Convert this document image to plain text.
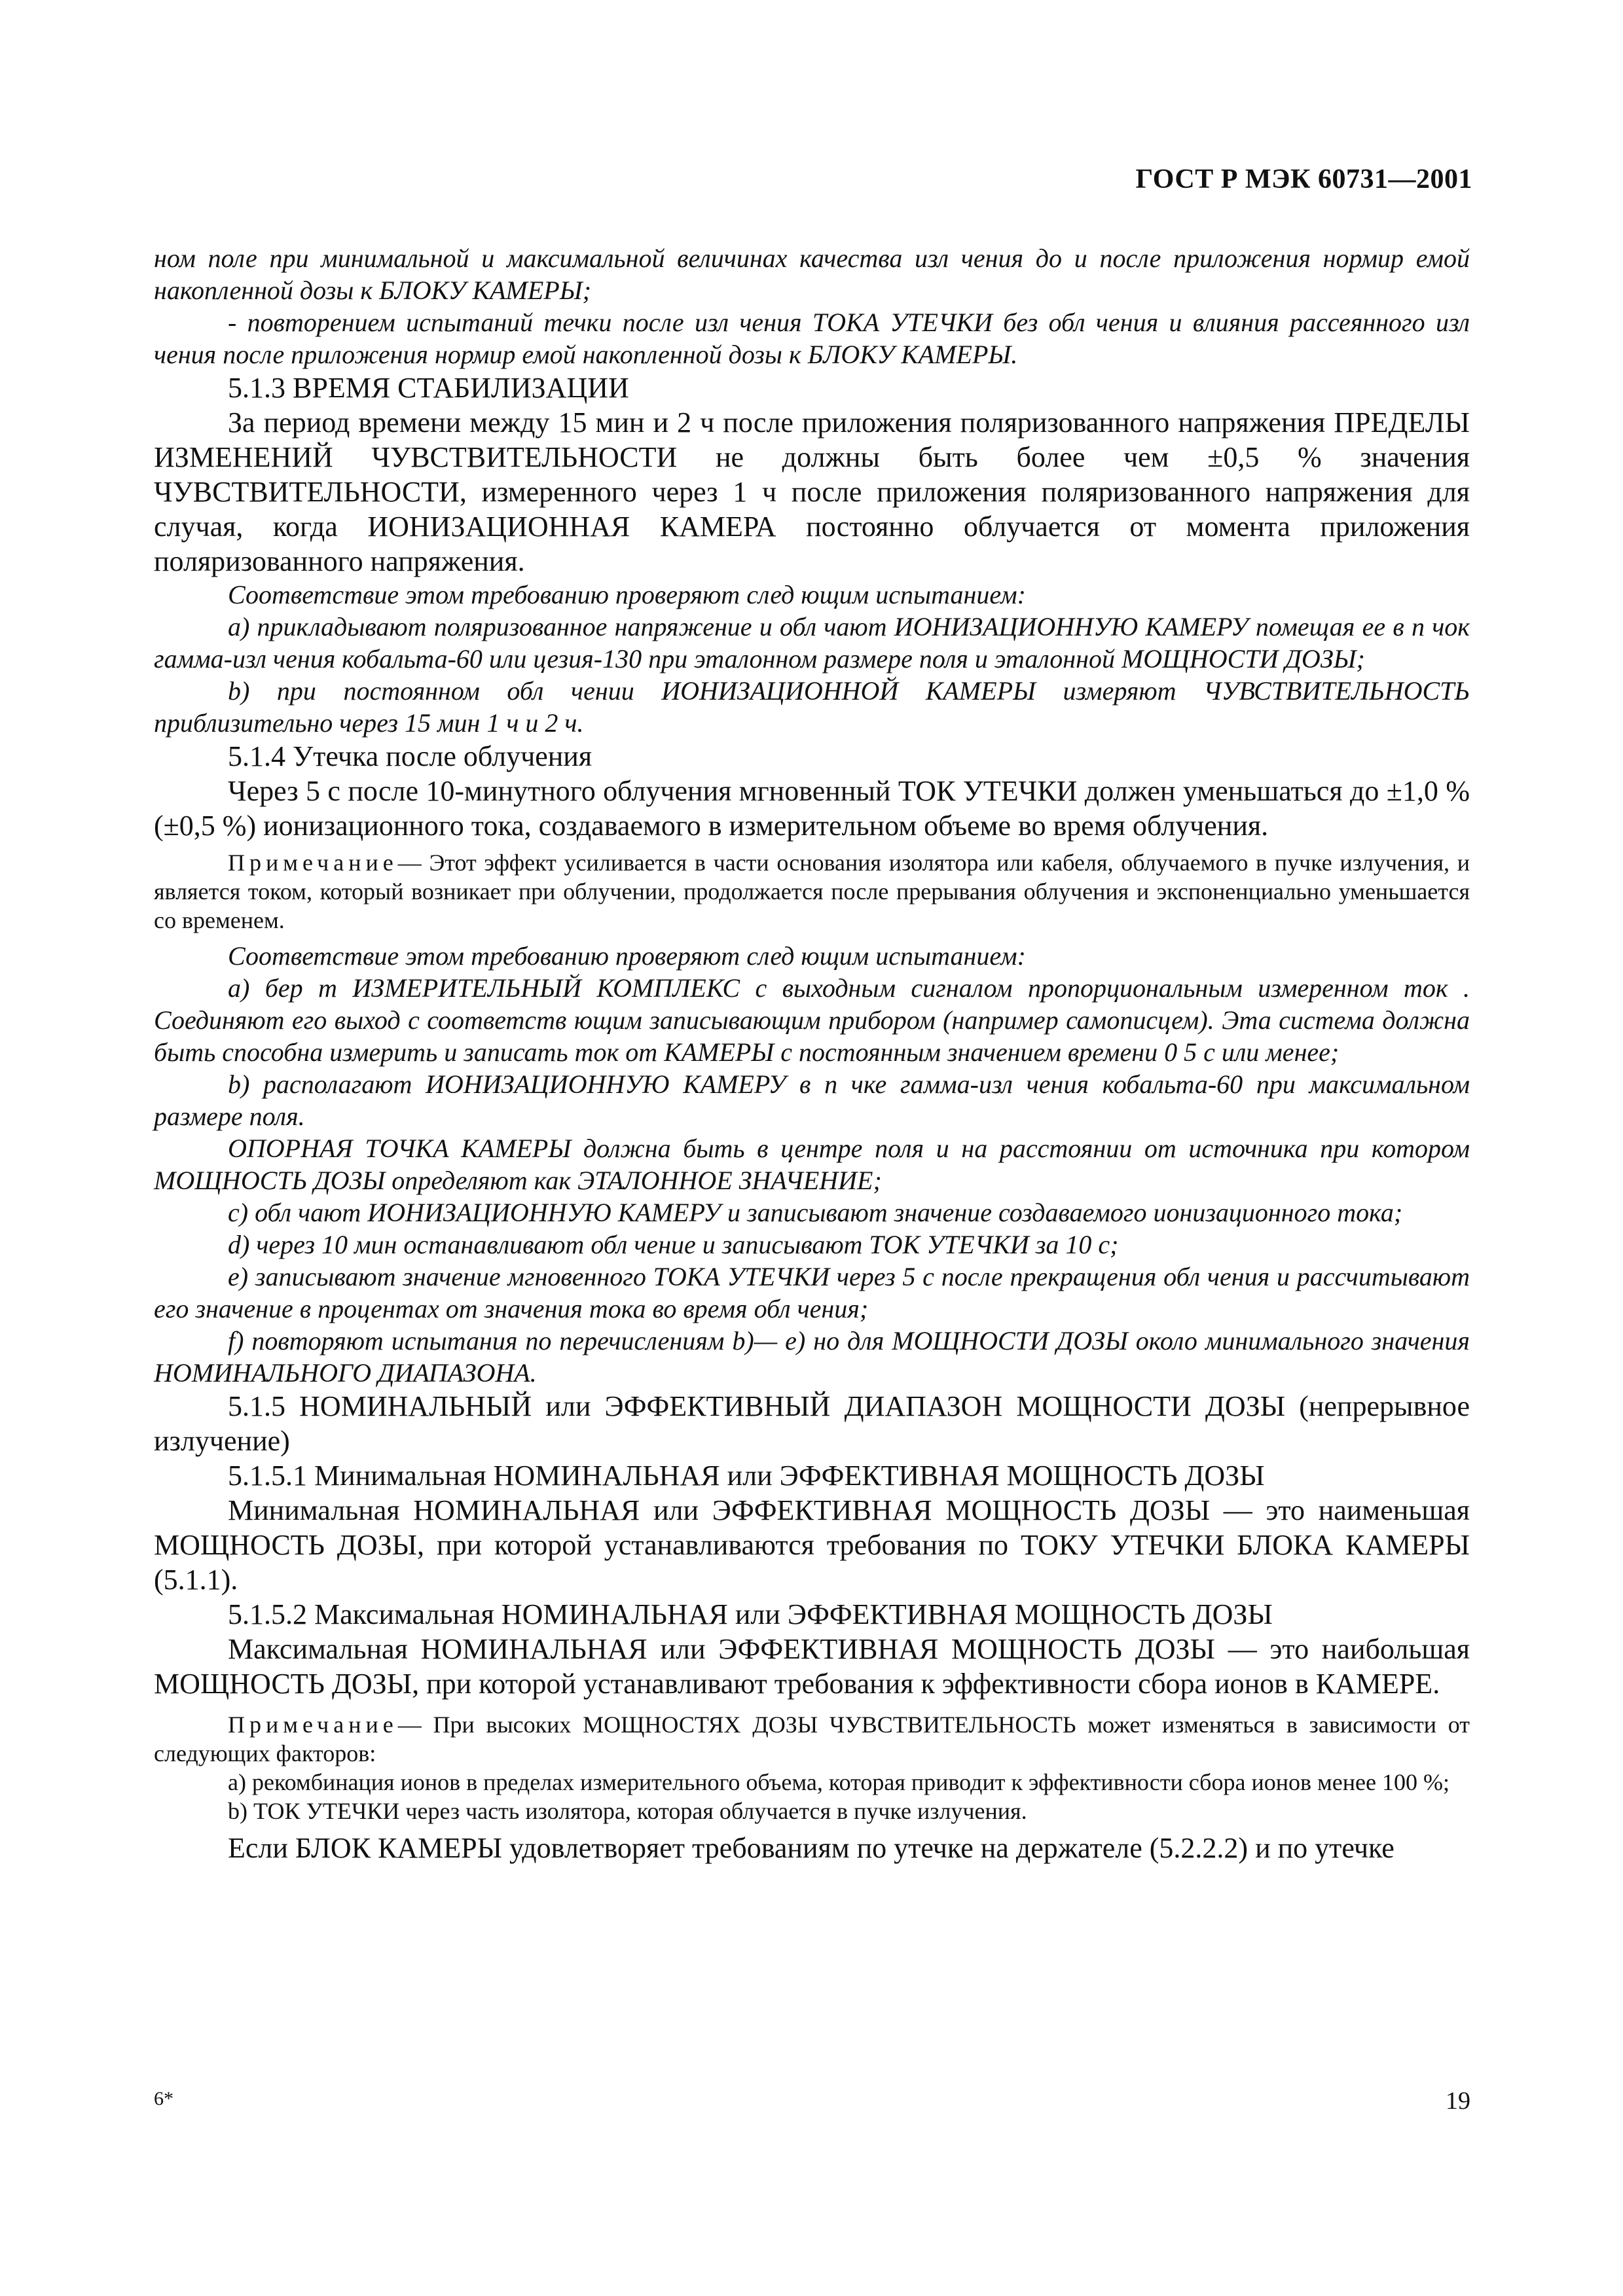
ГОСТ Р МЭК 60731—2001

ном поле при минимальной и максимальной величинах качества изл чения до и после приложения нормир емой накопленной дозы к БЛОКУ КАМЕРЫ;

- повторением испытаний течки после изл чения ТОКА УТЕЧКИ без обл чения и влияния рассеянного изл чения после приложения нормир емой накопленной дозы к БЛОКУ КАМЕРЫ.

5.1.3 ВРЕМЯ СТАБИЛИЗАЦИИ

За период времени между 15 мин и 2 ч после приложения поляризованного напряжения ПРЕДЕЛЫ ИЗМЕНЕНИЙ ЧУВСТВИТЕЛЬНОСТИ не должны быть более чем ±0,5 % значения ЧУВСТВИТЕЛЬНОСТИ, измеренного через 1 ч после приложения поляризованного напряжения для случая, когда ИОНИЗАЦИОННАЯ КАМЕРА постоянно облучается от момента приложения поляризованного напряжения.

Соответствие этом требованию проверяют след ющим испытанием:

а) прикладывают поляризованное напряжение и обл чают ИОНИЗАЦИОННУЮ КАМЕРУ помещая ее в п чок гамма-изл чения кобальта-60 или цезия-130 при эталонном размере поля и эталонной МОЩНОСТИ ДОЗЫ;

b) при постоянном обл чении ИОНИЗАЦИОННОЙ КАМЕРЫ измеряют ЧУВСТВИТЕЛЬНОСТЬ приблизительно через 15 мин 1 ч и 2 ч.

5.1.4 Утечка после облучения

Через 5 с после 10-минутного облучения мгновенный ТОК УТЕЧКИ должен уменьшаться до ±1,0 % (±0,5 %) ионизационного тока, создаваемого в измерительном объеме во время облучения.

Примечание— Этот эффект усиливается в части основания изолятора или кабеля, облучаемого в пучке излучения, и является током, который возникает при облучении, продолжается после прерывания облучения и экспоненциально уменьшается со временем.

Соответствие этом требованию проверяют след ющим испытанием:

а) бер т ИЗМЕРИТЕЛЬНЫЙ КОМПЛЕКС с выходным сигналом пропорциональным измеренном ток . Соединяют его выход с соответств ющим записывающим прибором (например самописцем). Эта система должна быть способна измерить и записать ток от КАМЕРЫ с постоянным значением времени 0 5 с или менее;

b) располагают ИОНИЗАЦИОННУЮ КАМЕРУ в п чке гамма-изл чения кобальта-60 при максимальном размере поля.

ОПОРНАЯ ТОЧКА КАМЕРЫ должна быть в центре поля и на расстоянии от источника при котором МОЩНОСТЬ ДОЗЫ определяют как ЭТАЛОННОЕ ЗНАЧЕНИЕ;

с) обл чают ИОНИЗАЦИОННУЮ КАМЕРУ и записывают значение создаваемого ионизационного тока;

d) через 10 мин останавливают обл чение и записывают ТОК УТЕЧКИ за 10 с;

е) записывают значение мгновенного ТОКА УТЕЧКИ через 5 с после прекращения обл чения и рассчитывают его значение в процентах от значения тока во время обл чения;

f) повторяют испытания по перечислениям b)— е) но для МОЩНОСТИ ДОЗЫ около минимального значения НОМИНАЛЬНОГО ДИАПАЗОНА.

5.1.5 НОМИНАЛЬНЫЙ или ЭФФЕКТИВНЫЙ ДИАПАЗОН МОЩНОСТИ ДОЗЫ (непрерывное излучение)

5.1.5.1 Минимальная НОМИНАЛЬНАЯ или ЭФФЕКТИВНАЯ МОЩНОСТЬ ДОЗЫ

Минимальная НОМИНАЛЬНАЯ или ЭФФЕКТИВНАЯ МОЩНОСТЬ ДОЗЫ — это наименьшая МОЩНОСТЬ ДОЗЫ, при которой устанавливаются требования по ТОКУ УТЕЧКИ БЛОКА КАМЕРЫ (5.1.1).

5.1.5.2 Максимальная НОМИНАЛЬНАЯ или ЭФФЕКТИВНАЯ МОЩНОСТЬ ДОЗЫ

Максимальная НОМИНАЛЬНАЯ или ЭФФЕКТИВНАЯ МОЩНОСТЬ ДОЗЫ — это наибольшая МОЩНОСТЬ ДОЗЫ, при которой устанавливают требования к эффективности сбора ионов в КАМЕРЕ.

Примечание— При высоких МОЩНОСТЯХ ДОЗЫ ЧУВСТВИТЕЛЬНОСТЬ может изменяться в зависимости от следующих факторов:

а) рекомбинация ионов в пределах измерительного объема, которая приводит к эффективности сбора ионов менее 100 %;

b) ТОК УТЕЧКИ через часть изолятора, которая облучается в пучке излучения.

Если БЛОК КАМЕРЫ удовлетворяет требованиям по утечке на держателе (5.2.2.2) и по утечке

6*	19
